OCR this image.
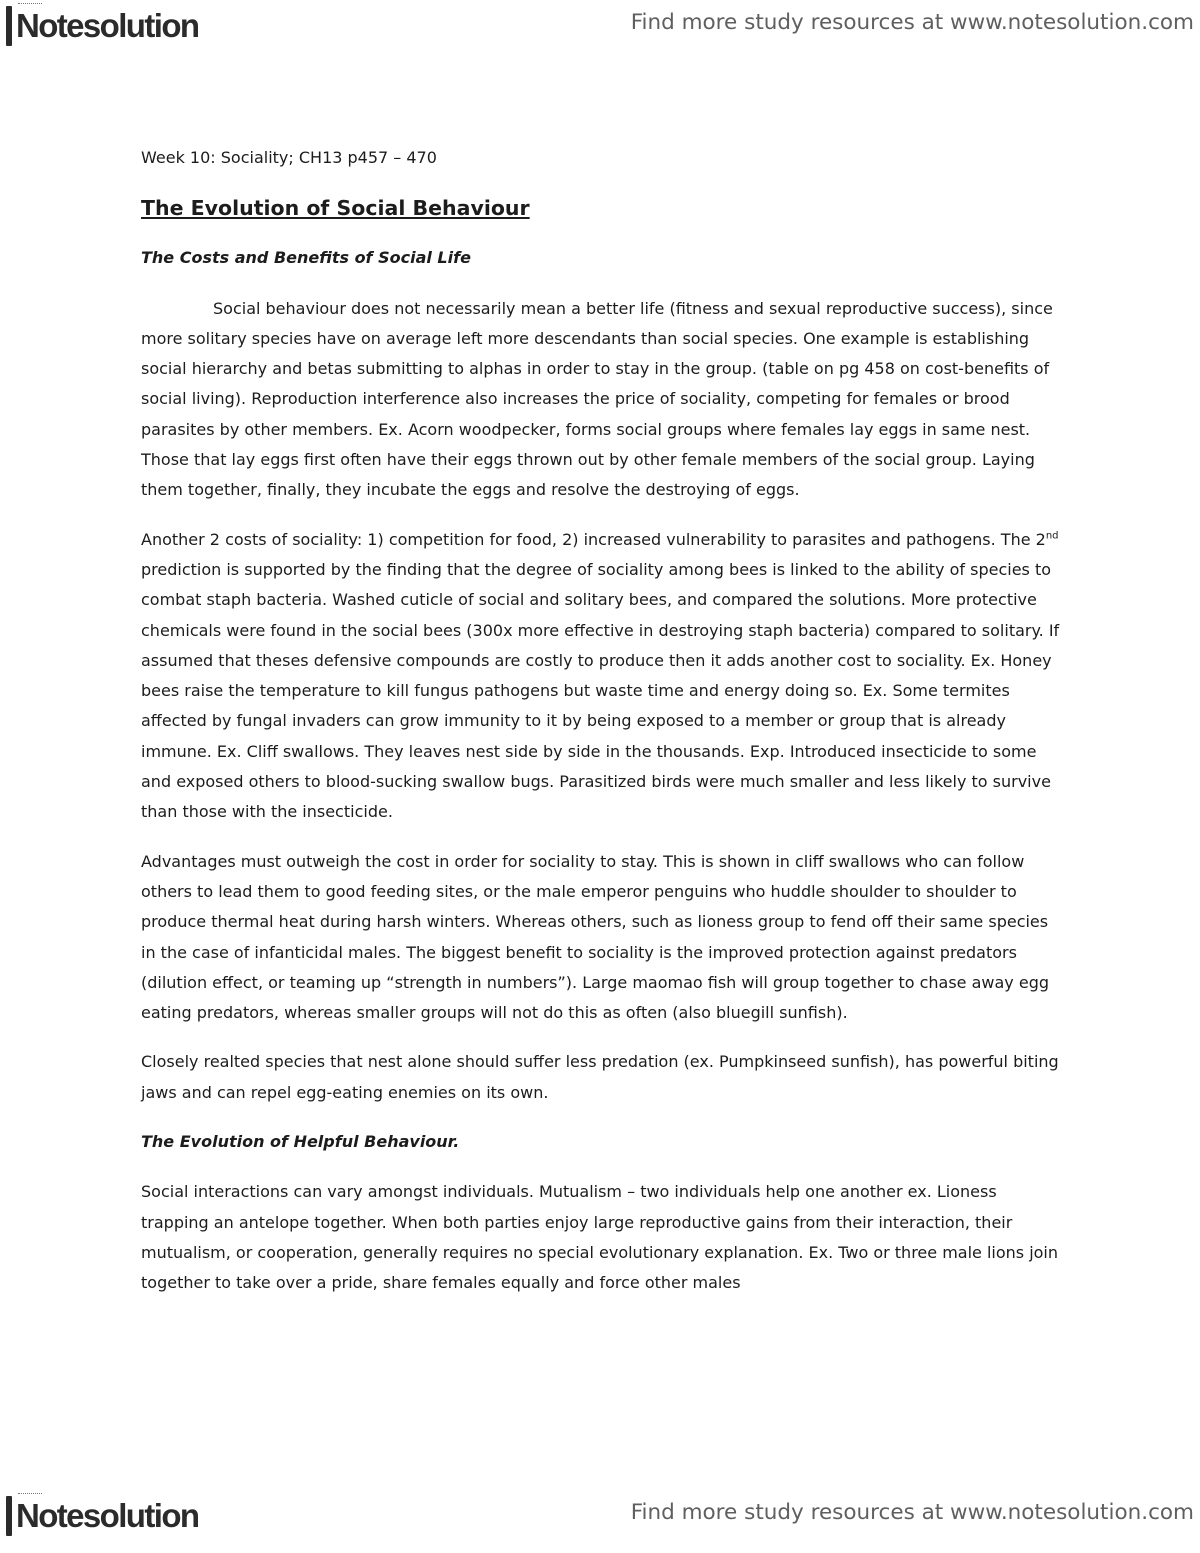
Notesolution	Find more study resources at www.notesolution.com

Week 10: Sociality; CH13 p457 – 470

The Evolution of Social Behaviour

The Costs and Benefits of Social Life

Social behaviour does not necessarily mean a better life (fitness and sexual reproductive success), since more solitary species have on average left more descendants than social species. One example is establishing social hierarchy and betas submitting to alphas in order to stay in the group. (table on pg 458 on cost-benefits of social living). Reproduction interference also increases the price of sociality, competing for females or brood parasites by other members. Ex. Acorn woodpecker, forms social groups where females lay eggs in same nest. Those that lay eggs first often have their eggs thrown out by other female members of the social group. Laying them together, finally, they incubate the eggs and resolve the destroying of eggs.

Another 2 costs of sociality: 1) competition for food, 2) increased vulnerability to parasites and pathogens. The 2nd prediction is supported by the finding that the degree of sociality among bees is linked to the ability of species to combat staph bacteria. Washed cuticle of social and solitary bees, and compared the solutions. More protective chemicals were found in the social bees (300x more effective in destroying staph bacteria) compared to solitary. If assumed that theses defensive compounds are costly to produce then it adds another cost to sociality. Ex. Honey bees raise the temperature to kill fungus pathogens but waste time and energy doing so. Ex. Some termites affected by fungal invaders can grow immunity to it by being exposed to a member or group that is already immune. Ex. Cliff swallows. They leaves nest side by side in the thousands. Exp. Introduced insecticide to some and exposed others to blood-sucking swallow bugs. Parasitized birds were much smaller and less likely to survive than those with the insecticide.

Advantages must outweigh the cost in order for sociality to stay. This is shown in cliff swallows who can follow others to lead them to good feeding sites, or the male emperor penguins who huddle shoulder to shoulder to produce thermal heat during harsh winters. Whereas others, such as lioness group to fend off their same species in the case of infanticidal males. The biggest benefit to sociality is the improved protection against predators (dilution effect, or teaming up “strength in numbers”). Large maomao fish will group together to chase away egg eating predators, whereas smaller groups will not do this as often (also bluegill sunfish).

Closely realted species that nest alone should suffer less predation (ex. Pumpkinseed sunfish), has powerful biting jaws and can repel egg-eating enemies on its own.

The Evolution of Helpful Behaviour.

Social interactions can vary amongst individuals. Mutualism – two individuals help one another ex. Lioness trapping an antelope together. When both parties enjoy large reproductive gains from their interaction, their mutualism, or cooperation, generally requires no special evolutionary explanation. Ex. Two or three male lions join together to take over a pride, share females equally and force other males

Notesolution	Find more study resources at www.notesolution.com
